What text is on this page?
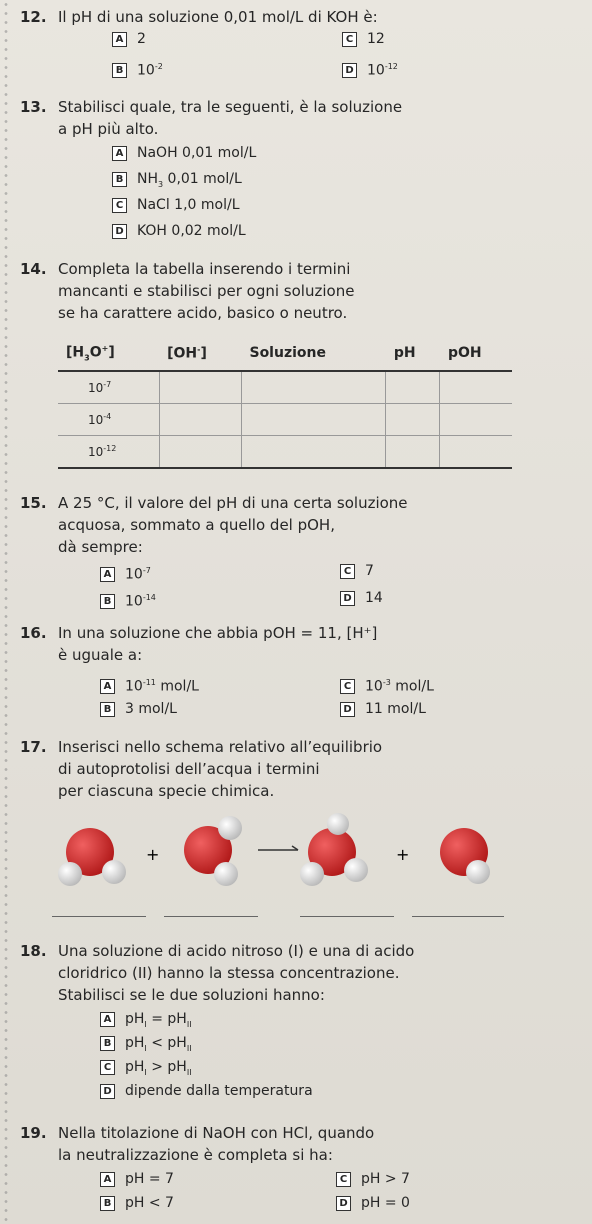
12. Il pH di una soluzione 0,01 mol/L di KOH è:
A 2	C 12
B $10^{-2}$	D $10^{-12}$
13. Stabilisci quale, tra le seguenti, è la soluzione
a pH più alto.
A NaOH 0,01 mol/L
B $NH_3$ 0,01 mol/L
C NaCl 1,0 mol/L
D KOH 0,02 mol/L
14. Completa la tabella inserendo i termini
mancanti e stabilisci per ogni soluzione
se ha carattere acido, basico o neutro.
$[H_3O^+]$	[OH-]	Soluzione	pH	pOH
$10^{-7}$				
$10^{-4}$				
$10^{-12}$				
15. A 25 °C, il valore del pH di una certa soluzione
acquosa, sommato a quello del pOH,
dà sempre:
A $10^{-7}$	C 7
B $10^{-14}$	D 14
16. In una soluzione che abbia pOH = 11, [H⁺]
è uguale a:
A $10^{-11}$ mol/L	C $10^{-3}$ mol/L
B 3 mol/L	D 11 mol/L
17. Inserisci nello schema relativo all’equilibrio
di autoprotolisi dell’acqua i termini
per ciascuna specie chimica.
+	+
18. Una soluzione di acido nitroso (I) e una di acido
cloridrico (II) hanno la stessa concentrazione.
Stabilisci se le due soluzioni hanno:
A $pH_I = pH_{II}$
B $pH_I < pH_{II}$
C $pH_I > pH_{II}$
D dipende dalla temperatura
19. Nella titolazione di NaOH con HCl, quando
la neutralizzazione è completa si ha:
A pH = 7	C pH > 7
B pH < 7	D pH = 0
